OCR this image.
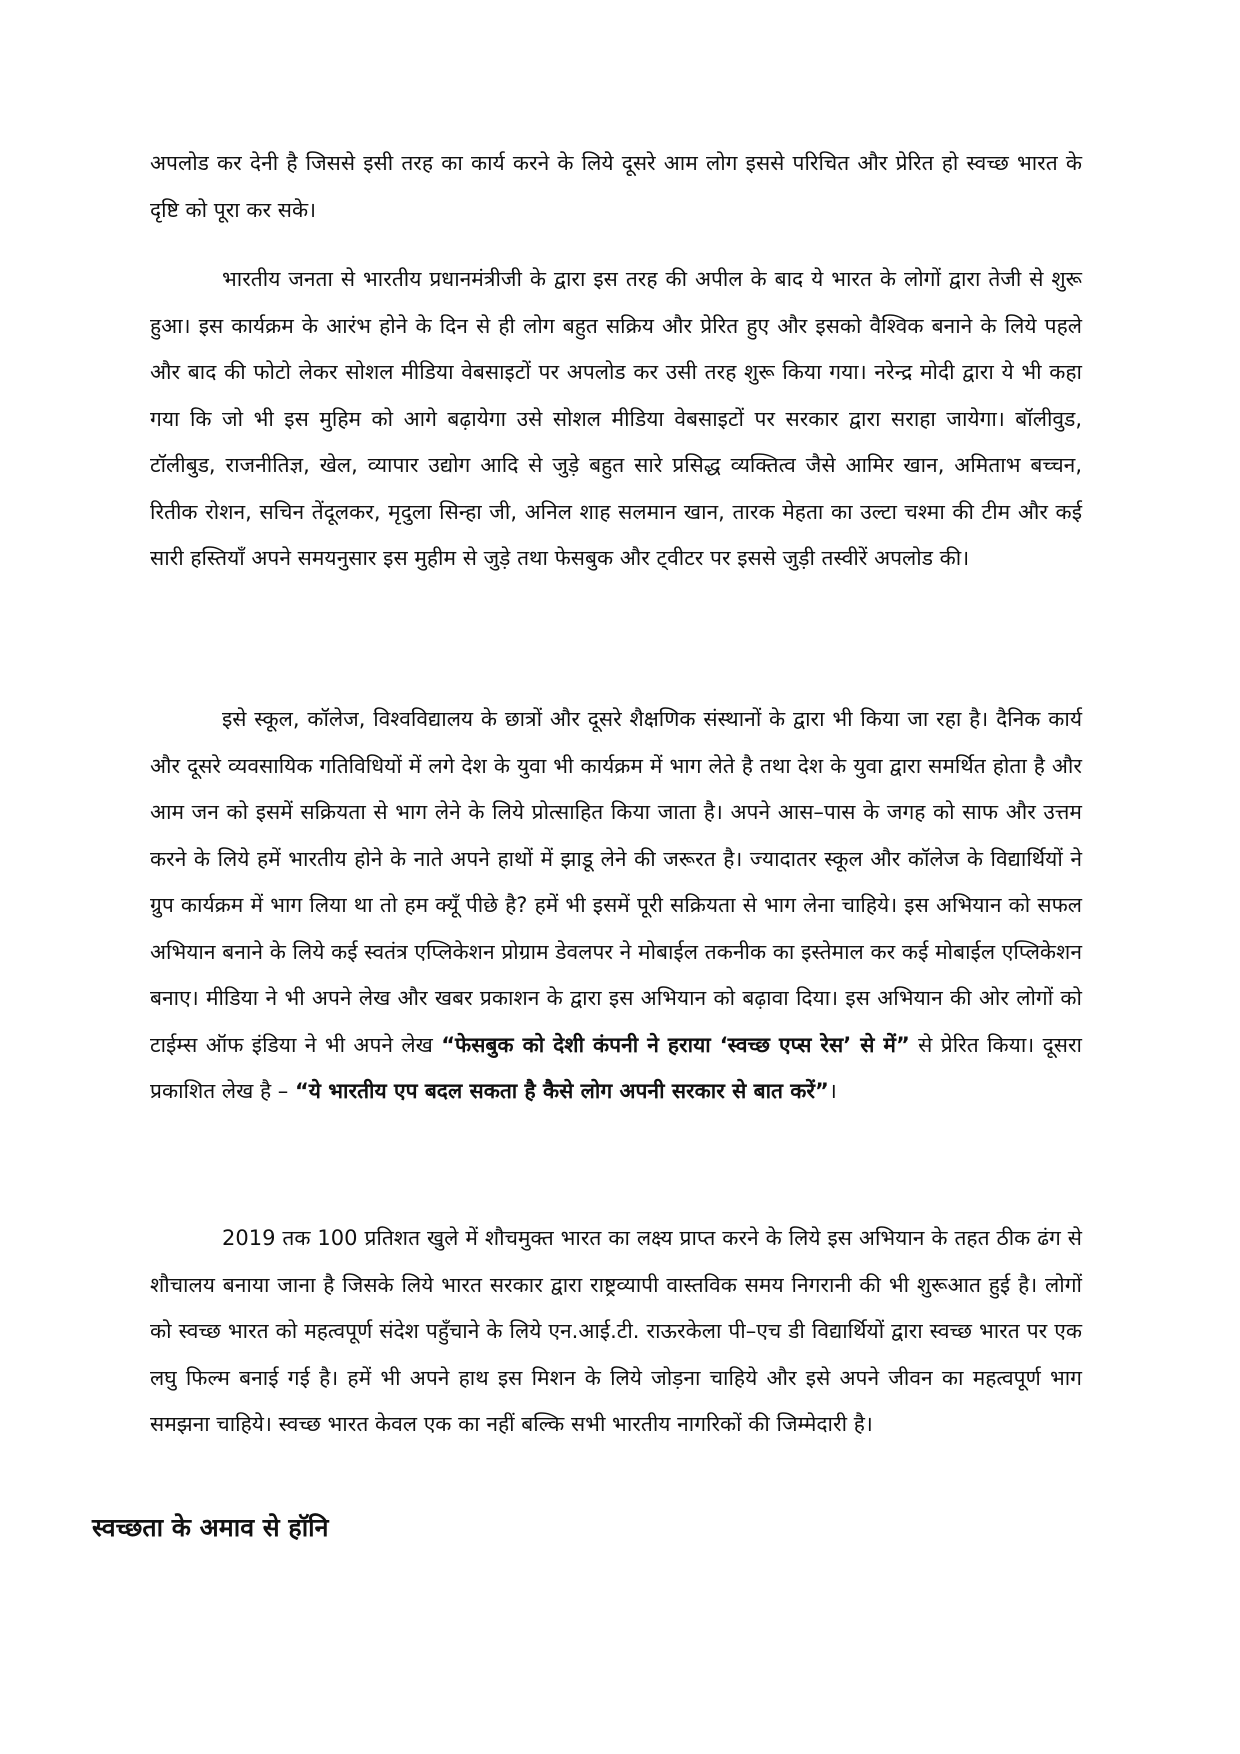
अपलोड कर देनी है जिससे इसी तरह का कार्य करने के लिये दूसरे आम लोग इससे परिचित और प्रेरित हो स्वच्छ भारत के दृष्टि को पूरा कर सके।

भारतीय जनता से भारतीय प्रधानमंत्रीजी के द्वारा इस तरह की अपील के बाद ये भारत के लोगों द्वारा तेजी से शुरू हुआ। इस कार्यक्रम के आरंभ होने के दिन से ही लोग बहुत सक्रिय और प्रेरित हुए और इसको वैश्विक बनाने के लिये पहले और बाद की फोटो लेकर सोशल मीडिया वेबसाइटों पर अपलोड कर उसी तरह शुरू किया गया। नरेन्द्र मोदी द्वारा ये भी कहा गया कि जो भी इस मुहिम को आगे बढ़ायेगा उसे सोशल मीडिया वेबसाइटों पर सरकार द्वारा सराहा जायेगा। बॉलीवुड, टॉलीबुड, राजनीतिज्ञ, खेल, व्यापार उद्योग आदि से जुड़े बहुत सारे प्रसिद्ध व्यक्तित्व जैसे आमिर खान, अमिताभ बच्चन, रितीक रोशन, सचिन तेंदूलकर, मृदुला सिन्हा जी, अनिल शाह सलमान खान, तारक मेहता का उल्टा चश्मा की टीम और कई सारी हस्तियाँ अपने समयनुसार इस मुहीम से जुड़े तथा फेसबुक और ट्वीटर पर इससे जुड़ी तस्वीरें अपलोड की।

इसे स्कूल, कॉलेज, विश्वविद्यालय के छात्रों और दूसरे शैक्षणिक संस्थानों के द्वारा भी किया जा रहा है। दैनिक कार्य और दूसरे व्यवसायिक गतिविधियों में लगे देश के युवा भी कार्यक्रम में भाग लेते है तथा देश के युवा द्वारा समर्थित होता है और आम जन को इसमें सक्रियता से भाग लेने के लिये प्रोत्साहित किया जाता है। अपने आस–पास के जगह को साफ और उत्तम करने के लिये हमें भारतीय होने के नाते अपने हाथों में झाडू लेने की जरूरत है। ज्यादातर स्कूल और कॉलेज के विद्यार्थियों ने ग्रुप कार्यक्रम में भाग लिया था तो हम क्यूँ पीछे है? हमें भी इसमें पूरी सक्रियता से भाग लेना चाहिये। इस अभियान को सफल अभियान बनाने के लिये कई स्वतंत्र एप्लिकेशन प्रोग्राम डेवलपर ने मोबाईल तकनीक का इस्तेमाल कर कई मोबाईल एप्लिकेशन बनाए। मीडिया ने भी अपने लेख और खबर प्रकाशन के द्वारा इस अभियान को बढ़ावा दिया। इस अभियान की ओर लोगों को टाईम्स ऑफ इंडिया ने भी अपने लेख “फेसबुक को देशी कंपनी ने हराया ‘स्वच्छ एप्स रेस’ से में” से प्रेरित किया। दूसरा प्रकाशित लेख है – “ये भारतीय एप बदल सकता है कैसे लोग अपनी सरकार से बात करें”।

2019 तक 100 प्रतिशत खुले में शौचमुक्त भारत का लक्ष्य प्राप्त करने के लिये इस अभियान के तहत ठीक ढंग से शौचालय बनाया जाना है जिसके लिये भारत सरकार द्वारा राष्ट्रव्यापी वास्तविक समय निगरानी की भी शुरूआत हुई है। लोगों को स्वच्छ भारत को महत्वपूर्ण संदेश पहुँचाने के लिये एन.आई.टी. राऊरकेला पी–एच डी विद्यार्थियों द्वारा स्वच्छ भारत पर एक लघु फिल्म बनाई गई है। हमें भी अपने हाथ इस मिशन के लिये जोड़ना चाहिये और इसे अपने जीवन का महत्वपूर्ण भाग समझना चाहिये। स्वच्छ भारत केवल एक का नहीं बल्कि सभी भारतीय नागरिकों की जिम्मेदारी है।

स्वच्छता के अमाव से हॉनि
